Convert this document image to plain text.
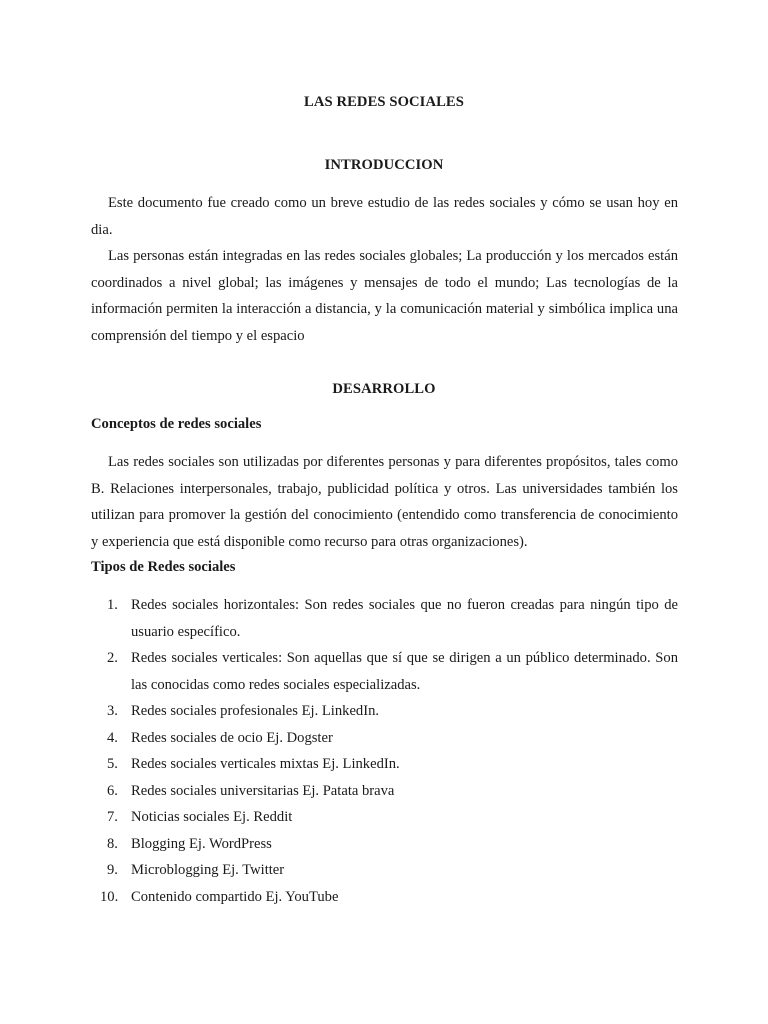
LAS REDES SOCIALES
INTRODUCCION

Este documento fue creado como un breve estudio de las redes sociales y cómo se usan hoy en dia.

Las personas están integradas en las redes sociales globales; La producción y los mercados están coordinados a nivel global; las imágenes y mensajes de todo el mundo; Las tecnologías de la información permiten la interacción a distancia, y la comunicación material y simbólica implica una comprensión del tiempo y el espacio

DESARROLLO
Conceptos de redes sociales

Las redes sociales son utilizadas por diferentes personas y para diferentes propósitos, tales como B. Relaciones interpersonales, trabajo, publicidad política y otros. Las universidades también los utilizan para promover la gestión del conocimiento (entendido como transferencia de conocimiento y experiencia que está disponible como recurso para otras organizaciones).

Tipos de Redes sociales
1. Redes sociales horizontales: Son redes sociales que no fueron creadas para ningún tipo de usuario específico.
2. Redes sociales verticales: Son aquellas que sí que se dirigen a un público determinado. Son las conocidas como redes sociales especializadas.
3. Redes sociales profesionales Ej. LinkedIn.
4. Redes sociales de ocio Ej. Dogster
5. Redes sociales verticales mixtas Ej. LinkedIn.
6. Redes sociales universitarias Ej. Patata brava
7. Noticias sociales Ej. Reddit
8. Blogging Ej. WordPress
9. Microblogging Ej. Twitter
10. Contenido compartido Ej. YouTube
